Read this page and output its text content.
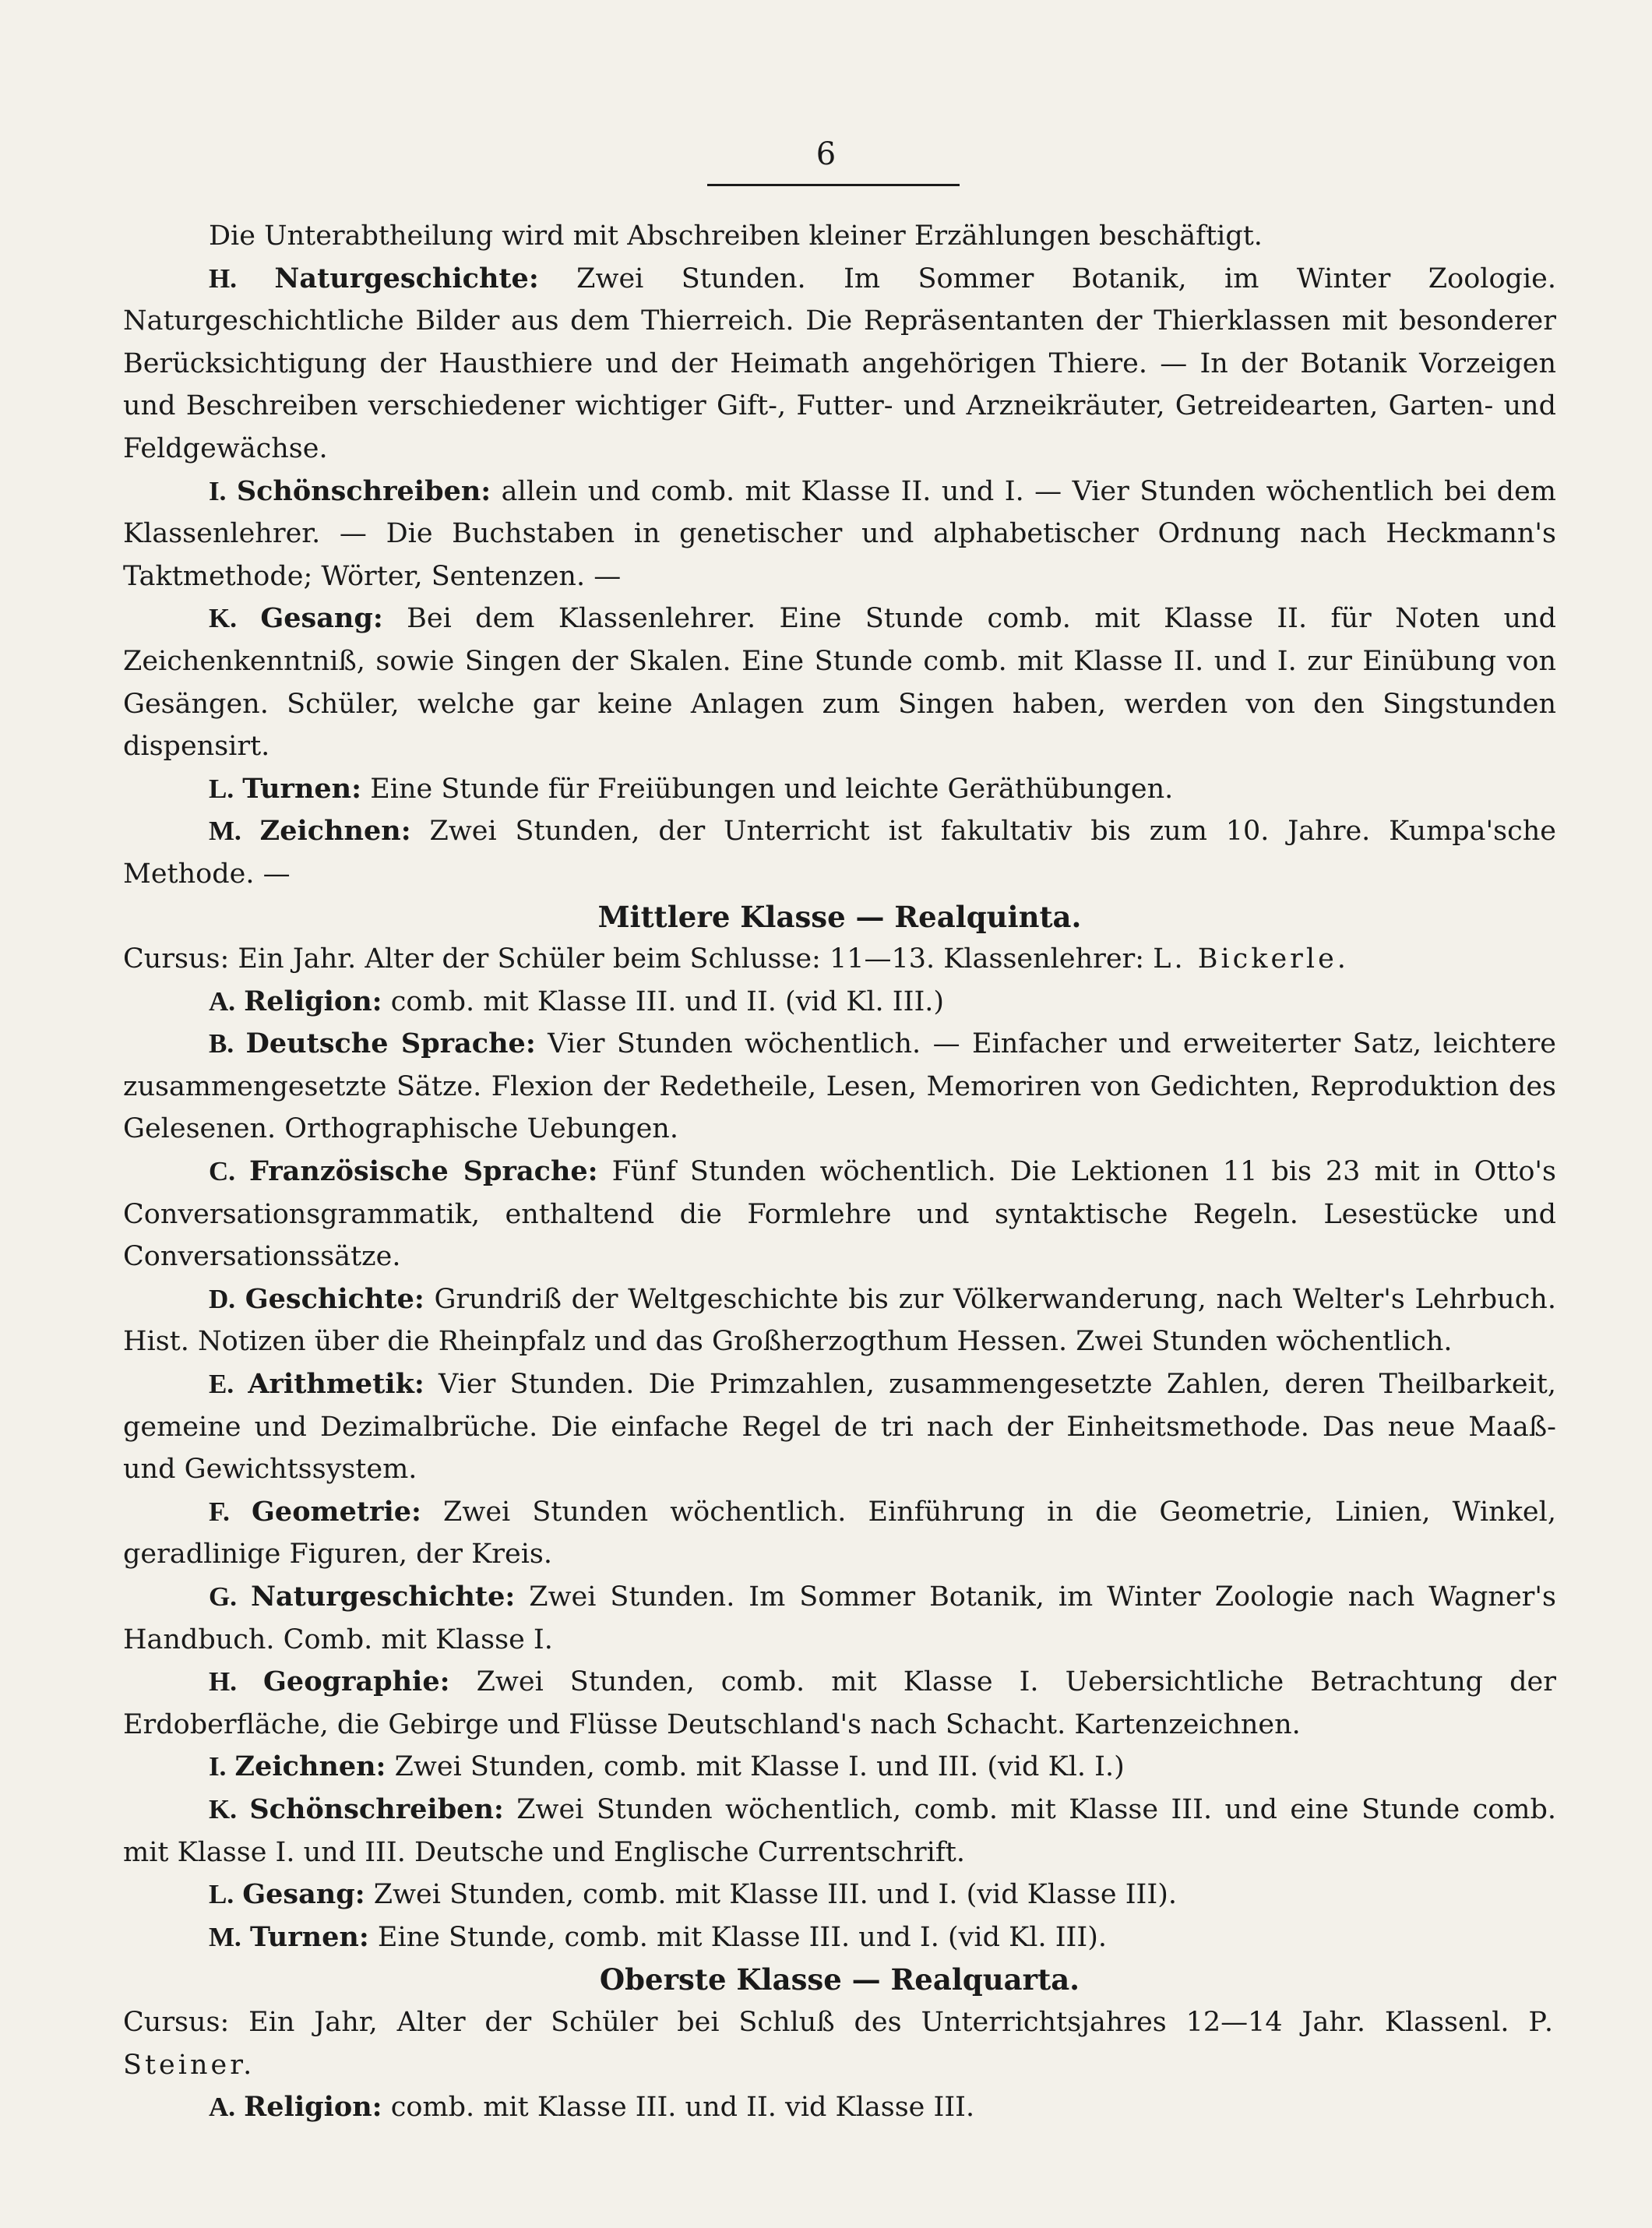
6

Die Unterabtheilung wird mit Abschreiben kleiner Erzählungen beschäftigt.

H. Naturgeschichte: Zwei Stunden. Im Sommer Botanik, im Winter Zoologie. Naturgeschichtliche Bilder aus dem Thierreich. Die Repräsentanten der Thierklassen mit besonderer Berücksichtigung der Hausthiere und der Heimath angehörigen Thiere. — In der Botanik Vorzeigen und Beschreiben verschiedener wichtiger Gift-, Futter- und Arzneikräuter, Getreidearten, Garten- und Feldgewächse.

I. Schönschreiben: allein und comb. mit Klasse II. und I. — Vier Stunden wöchentlich bei dem Klassenlehrer. — Die Buchstaben in genetischer und alphabetischer Ordnung nach Heckmann's Taktmethode; Wörter, Sentenzen. —

K. Gesang: Bei dem Klassenlehrer. Eine Stunde comb. mit Klasse II. für Noten und Zeichenkenntniß, sowie Singen der Skalen. Eine Stunde comb. mit Klasse II. und I. zur Einübung von Gesängen. Schüler, welche gar keine Anlagen zum Singen haben, werden von den Singstunden dispensirt.

L. Turnen: Eine Stunde für Freiübungen und leichte Geräthübungen.

M. Zeichnen: Zwei Stunden, der Unterricht ist fakultativ bis zum 10. Jahre. Kumpa'sche Methode. —

Mittlere Klasse — Realquinta.

Cursus: Ein Jahr. Alter der Schüler beim Schlusse: 11—13. Klassenlehrer: L. Bickerle.

A. Religion: comb. mit Klasse III. und II. (vid Kl. III.)

B. Deutsche Sprache: Vier Stunden wöchentlich. — Einfacher und erweiterter Satz, leichtere zusammengesetzte Sätze. Flexion der Redetheile, Lesen, Memoriren von Gedichten, Reproduktion des Gelesenen. Orthographische Uebungen.

C. Französische Sprache: Fünf Stunden wöchentlich. Die Lektionen 11 bis 23 mit in Otto's Conversationsgrammatik, enthaltend die Formlehre und syntaktische Regeln. Lesestücke und Conversationssätze.

D. Geschichte: Grundriß der Weltgeschichte bis zur Völkerwanderung, nach Welter's Lehrbuch. Hist. Notizen über die Rheinpfalz und das Großherzogthum Hessen. Zwei Stunden wöchentlich.

E. Arithmetik: Vier Stunden. Die Primzahlen, zusammengesetzte Zahlen, deren Theilbarkeit, gemeine und Dezimalbrüche. Die einfache Regel de tri nach der Einheitsmethode. Das neue Maaß- und Gewichtssystem.

F. Geometrie: Zwei Stunden wöchentlich. Einführung in die Geometrie, Linien, Winkel, geradlinige Figuren, der Kreis.

G. Naturgeschichte: Zwei Stunden. Im Sommer Botanik, im Winter Zoologie nach Wagner's Handbuch. Comb. mit Klasse I.

H. Geographie: Zwei Stunden, comb. mit Klasse I. Uebersichtliche Betrachtung der Erdoberfläche, die Gebirge und Flüsse Deutschland's nach Schacht. Kartenzeichnen.

I. Zeichnen: Zwei Stunden, comb. mit Klasse I. und III. (vid Kl. I.)

K. Schönschreiben: Zwei Stunden wöchentlich, comb. mit Klasse III. und eine Stunde comb. mit Klasse I. und III. Deutsche und Englische Currentschrift.

L. Gesang: Zwei Stunden, comb. mit Klasse III. und I. (vid Klasse III).

M. Turnen: Eine Stunde, comb. mit Klasse III. und I. (vid Kl. III).

Oberste Klasse — Realquarta.

Cursus: Ein Jahr, Alter der Schüler bei Schluß des Unterrichtsjahres 12—14 Jahr. Klassenl. P. Steiner.

A. Religion: comb. mit Klasse III. und II. vid Klasse III.
